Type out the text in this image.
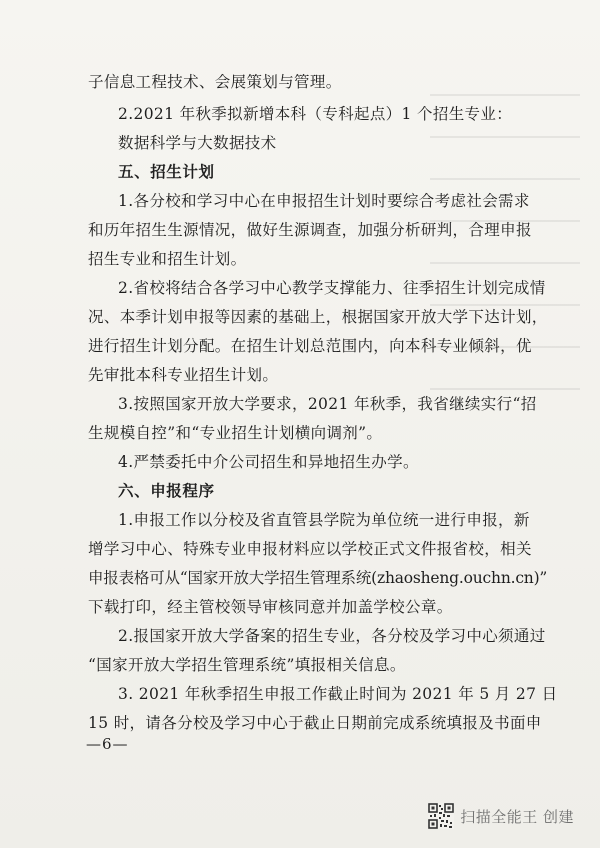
子信息工程技术、会展策划与管理。
2.2021 年秋季拟新增本科（专科起点）1 个招生专业：
数据科学与大数据技术
五、招生计划
1.各分校和学习中心在申报招生计划时要综合考虑社会需求
和历年招生生源情况，做好生源调查，加强分析研判，合理申报
招生专业和招生计划。
2.省校将结合各学习中心教学支撑能力、往季招生计划完成情
况、本季计划申报等因素的基础上，根据国家开放大学下达计划，
进行招生计划分配。在招生计划总范围内，向本科专业倾斜，优
先审批本科专业招生计划。
3.按照国家开放大学要求，2021 年秋季，我省继续实行“招
生规模自控”和“专业招生计划横向调剂”。
4.严禁委托中介公司招生和异地招生办学。
六、申报程序
1.申报工作以分校及省直管县学院为单位统一进行申报，新
增学习中心、特殊专业申报材料应以学校正式文件报省校，相关
申报表格可从“国家开放大学招生管理系统(zhaosheng.ouchn.cn)”
下载打印，经主管校领导审核同意并加盖学校公章。
2.报国家开放大学备案的招生专业，各分校及学习中心须通过
“国家开放大学招生管理系统”填报相关信息。
3. 2021 年秋季招生申报工作截止时间为 2021 年 5 月 27 日
15 时，请各分校及学习中心于截止日期前完成系统填报及书面申
—6—
扫描全能王 创建
